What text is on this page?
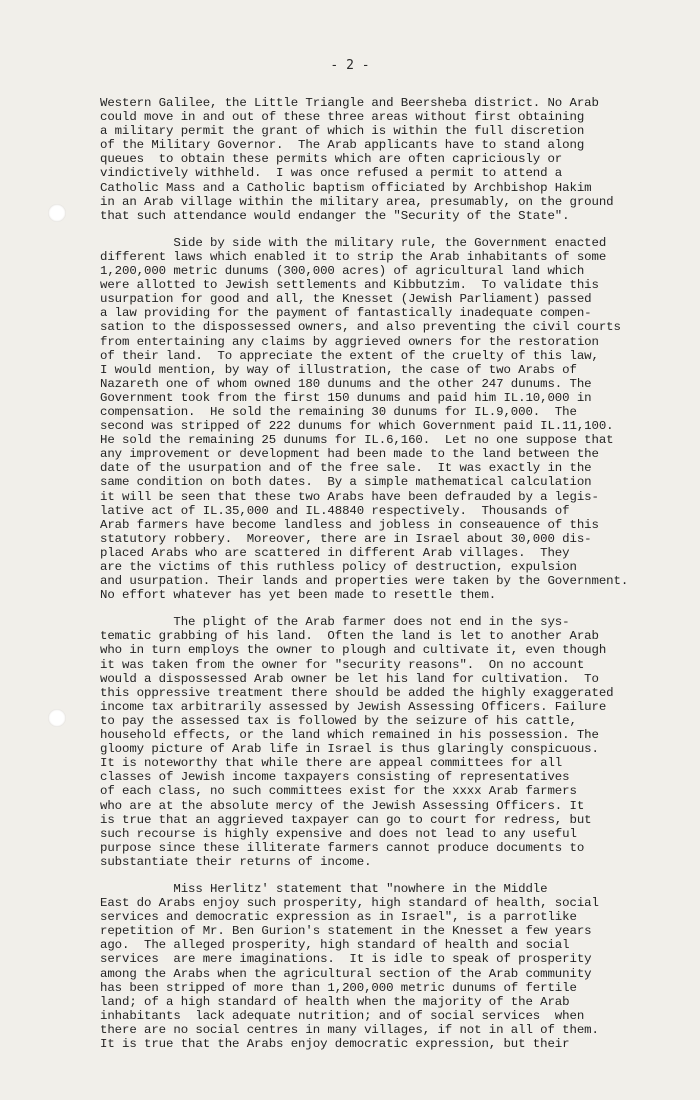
- 2 -
Western Galilee, the Little Triangle and Beersheba district. No Arab
could move in and out of these three areas without first obtaining
a military permit the grant of which is within the full discretion
of the Military Governor.  The Arab applicants have to stand along
queues  to obtain these permits which are often capriciously or
vindictively withheld.  I was once refused a permit to attend a
Catholic Mass and a Catholic baptism officiated by Archbishop Hakim
in an Arab village within the military area, presumably, on the ground
that such attendance would endanger the "Security of the State".
Side by side with the military rule, the Government enacted
different laws which enabled it to strip the Arab inhabitants of some
1,200,000 metric dunums (300,000 acres) of agricultural land which
were allotted to Jewish settlements and Kibbutzim.  To validate this
usurpation for good and all, the Knesset (Jewish Parliament) passed
a law providing for the payment of fantastically inadequate compen-
sation to the dispossessed owners, and also preventing the civil courts
from entertaining any claims by aggrieved owners for the restoration
of their land.  To appreciate the extent of the cruelty of this law,
I would mention, by way of illustration, the case of two Arabs of
Nazareth one of whom owned 180 dunums and the other 247 dunums. The
Government took from the first 150 dunums and paid him IL.10,000 in
compensation.  He sold the remaining 30 dunums for IL.9,000.  The
second was stripped of 222 dunums for which Government paid IL.11,100.
He sold the remaining 25 dunums for IL.6,160.  Let no one suppose that
any improvement or development had been made to the land between the
date of the usurpation and of the free sale.  It was exactly in the
same condition on both dates.  By a simple mathematical calculation
it will be seen that these two Arabs have been defrauded by a legis-
lative act of IL.35,000 and IL.48840 respectively.  Thousands of
Arab farmers have become landless and jobless in conseauence of this
statutory robbery.  Moreover, there are in Israel about 30,000 dis-
placed Arabs who are scattered in different Arab villages.  They
are the victims of this ruthless policy of destruction, expulsion
and usurpation. Their lands and properties were taken by the Government.
No effort whatever has yet been made to resettle them.
The plight of the Arab farmer does not end in the sys-
tematic grabbing of his land.  Often the land is let to another Arab
who in turn employs the owner to plough and cultivate it, even though
it was taken from the owner for "security reasons".  On no account
would a dispossessed Arab owner be let his land for cultivation.  To
this oppressive treatment there should be added the highly exaggerated
income tax arbitrarily assessed by Jewish Assessing Officers. Failure
to pay the assessed tax is followed by the seizure of his cattle,
household effects, or the land which remained in his possession. The
gloomy picture of Arab life in Israel is thus glaringly conspicuous.
It is noteworthy that while there are appeal committees for all
classes of Jewish income taxpayers consisting of representatives
of each class, no such committees exist for the xxxx Arab farmers
who are at the absolute mercy of the Jewish Assessing Officers. It
is true that an aggrieved taxpayer can go to court for redress, but
such recourse is highly expensive and does not lead to any useful
purpose since these illiterate farmers cannot produce documents to
substantiate their returns of income.
Miss Herlitz' statement that "nowhere in the Middle
East do Arabs enjoy such prosperity, high standard of health, social
services and democratic expression as in Israel", is a parrotlike
repetition of Mr. Ben Gurion's statement in the Knesset a few years
ago.  The alleged prosperity, high standard of health and social
services  are mere imaginations.  It is idle to speak of prosperity
among the Arabs when the agricultural section of the Arab community
has been stripped of more than 1,200,000 metric dunums of fertile
land; of a high standard of health when the majority of the Arab
inhabitants  lack adequate nutrition; and of social services  when
there are no social centres in many villages, if not in all of them.
It is true that the Arabs enjoy democratic expression, but their
